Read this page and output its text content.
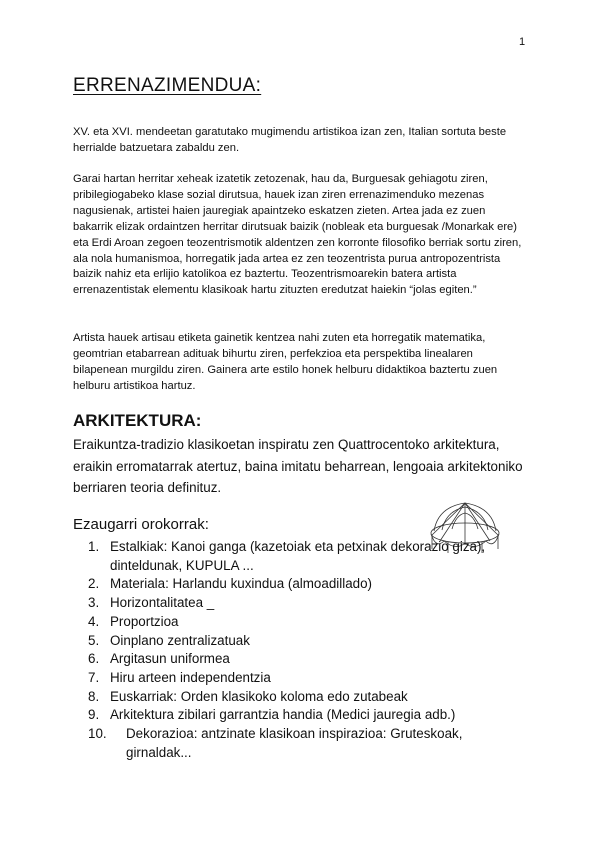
1
ERRENAZIMENDUA:

XV. eta XVI. mendeetan garatutako mugimendu artistikoa izan zen, Italian sortuta beste herrialde batzuetara zabaldu zen.

Garai hartan herritar xeheak izatetik zetozenak, hau da, Burguesak gehiagotu ziren, pribilegiogabeko klase sozial dirutsua, hauek izan ziren errenazimenduko mezenas nagusienak, artistei haien jauregiak apaintzeko eskatzen zieten. Artea jada ez zuen bakarrik elizak ordaintzen herritar dirutsuak baizik (nobleak eta burguesak /Monarkak ere) eta Erdi Aroan zegoen teozentrismotik aldentzen zen korronte filosofiko berriak sortu ziren, ala nola humanismoa, horregatik jada artea ez zen teozentrista purua antropozentrista baizik nahiz eta erlijio katolikoa ez baztertu. Teozentrismoarekin batera artista errenazentistak elementu klasikoak hartu zituzten eredutzat haiekin “jolas egiten.”

Artista hauek artisau etiketa gainetik kentzea nahi zuten eta horregatik matematika, geomtrian etabarrean adituak bihurtu ziren, perfekzioa eta perspektiba linealaren bilapenean murgildu ziren. Gainera arte estilo honek helburu didaktikoa baztertu zuen helburu artistikoa hartuz.

ARKITEKTURA:

Eraikuntza-tradizio klasikoetan inspiratu zen Quattrocentoko arkitektura, eraikin erromatarrak atertuz, baina imitatu beharrean, lengoaia arkitektoniko berriaren teoria definituz.

Ezaugarri orokorrak:
1. Estalkiak: Kanoi ganga (kazetoiak eta petxinak dekorazio giza), dinteldunak, KUPULA ...
2. Materiala: Harlandu kuxindua (almoadillado)
3. Horizontalitatea _
4. Proportzioa
5. Oinplano zentralizatuak
6. Argitasun uniformea
7. Hiru arteen independentzia
8. Euskarriak: Orden klasikoko koloma edo zutabeak
9. Arkitektura zibilari garrantzia handia (Medici jauregia adb.)
10. Dekorazioa: antzinate klasikoan inspirazioa: Gruteskoak, girnaldak...
